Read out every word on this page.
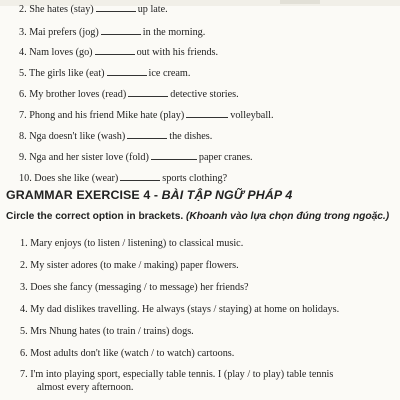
2. She hates (stay)	up late.
3. Mai prefers (jog)	in the morning.
4. Nam loves (go)	out with his friends.
5. The girls like (eat)	ice cream.
6. My brother loves (read)	detective stories.
7. Phong and his friend Mike hate (play)	volleyball.
8. Nga doesn't like (wash)	the dishes.
9. Nga and her sister love (fold)	paper cranes.
10. Does she like (wear)	sports clothing?
GRAMMAR EXERCISE 4 - BÀI TẬP NGỮ PHÁP 4
Circle the correct option in brackets. (Khoanh vào lựa chọn đúng trong ngoặc.)
1. Mary enjoys (to listen / listening) to classical music.
2. My sister adores (to make / making) paper flowers.
3. Does she fancy (messaging / to message) her friends?
4. My dad dislikes travelling. He always (stays / staying) at home on holidays.
5. Mrs Nhung hates (to train / trains) dogs.
6. Most adults don't like (watch / to watch) cartoons.
7. I'm into playing sport, especially table tennis. I (play / to play) table tennis
almost every afternoon.
